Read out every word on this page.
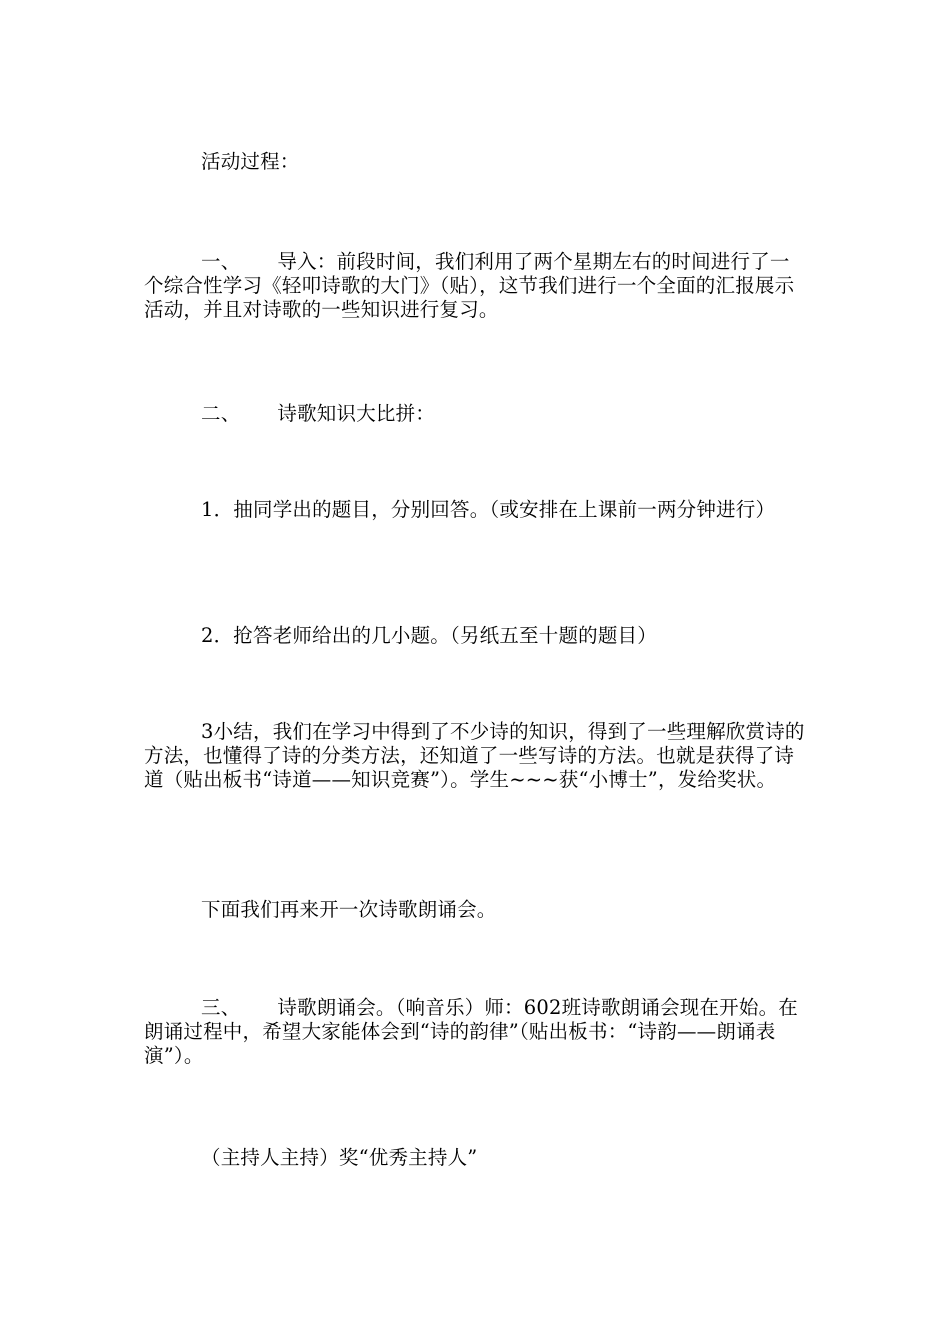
活动过程：

一、 导入：前段时间，我们利用了两个星期左右的时间进行了一个综合性学习《轻叩诗歌的大门》（贴），这节我们进行一个全面的汇报展示活动，并且对诗歌的一些知识进行复习。

二、 诗歌知识大比拼：

1．抽同学出的题目，分别回答。（或安排在上课前一两分钟进行）

2．抢答老师给出的几小题。（另纸五至十题的题目）

3小结，我们在学习中得到了不少诗的知识，得到了一些理解欣赏诗的方法，也懂得了诗的分类方法，还知道了一些写诗的方法。也就是获得了诗道（贴出板书“诗道——知识竞赛”）。学生~~~获“小博士”，发给奖状。

下面我们再来开一次诗歌朗诵会。

三、 诗歌朗诵会。（响音乐）师：602班诗歌朗诵会现在开始。在朗诵过程中，希望大家能体会到“诗的韵律”（贴出板书：“诗韵——朗诵表演”）。

（主持人主持）奖“优秀主持人”
